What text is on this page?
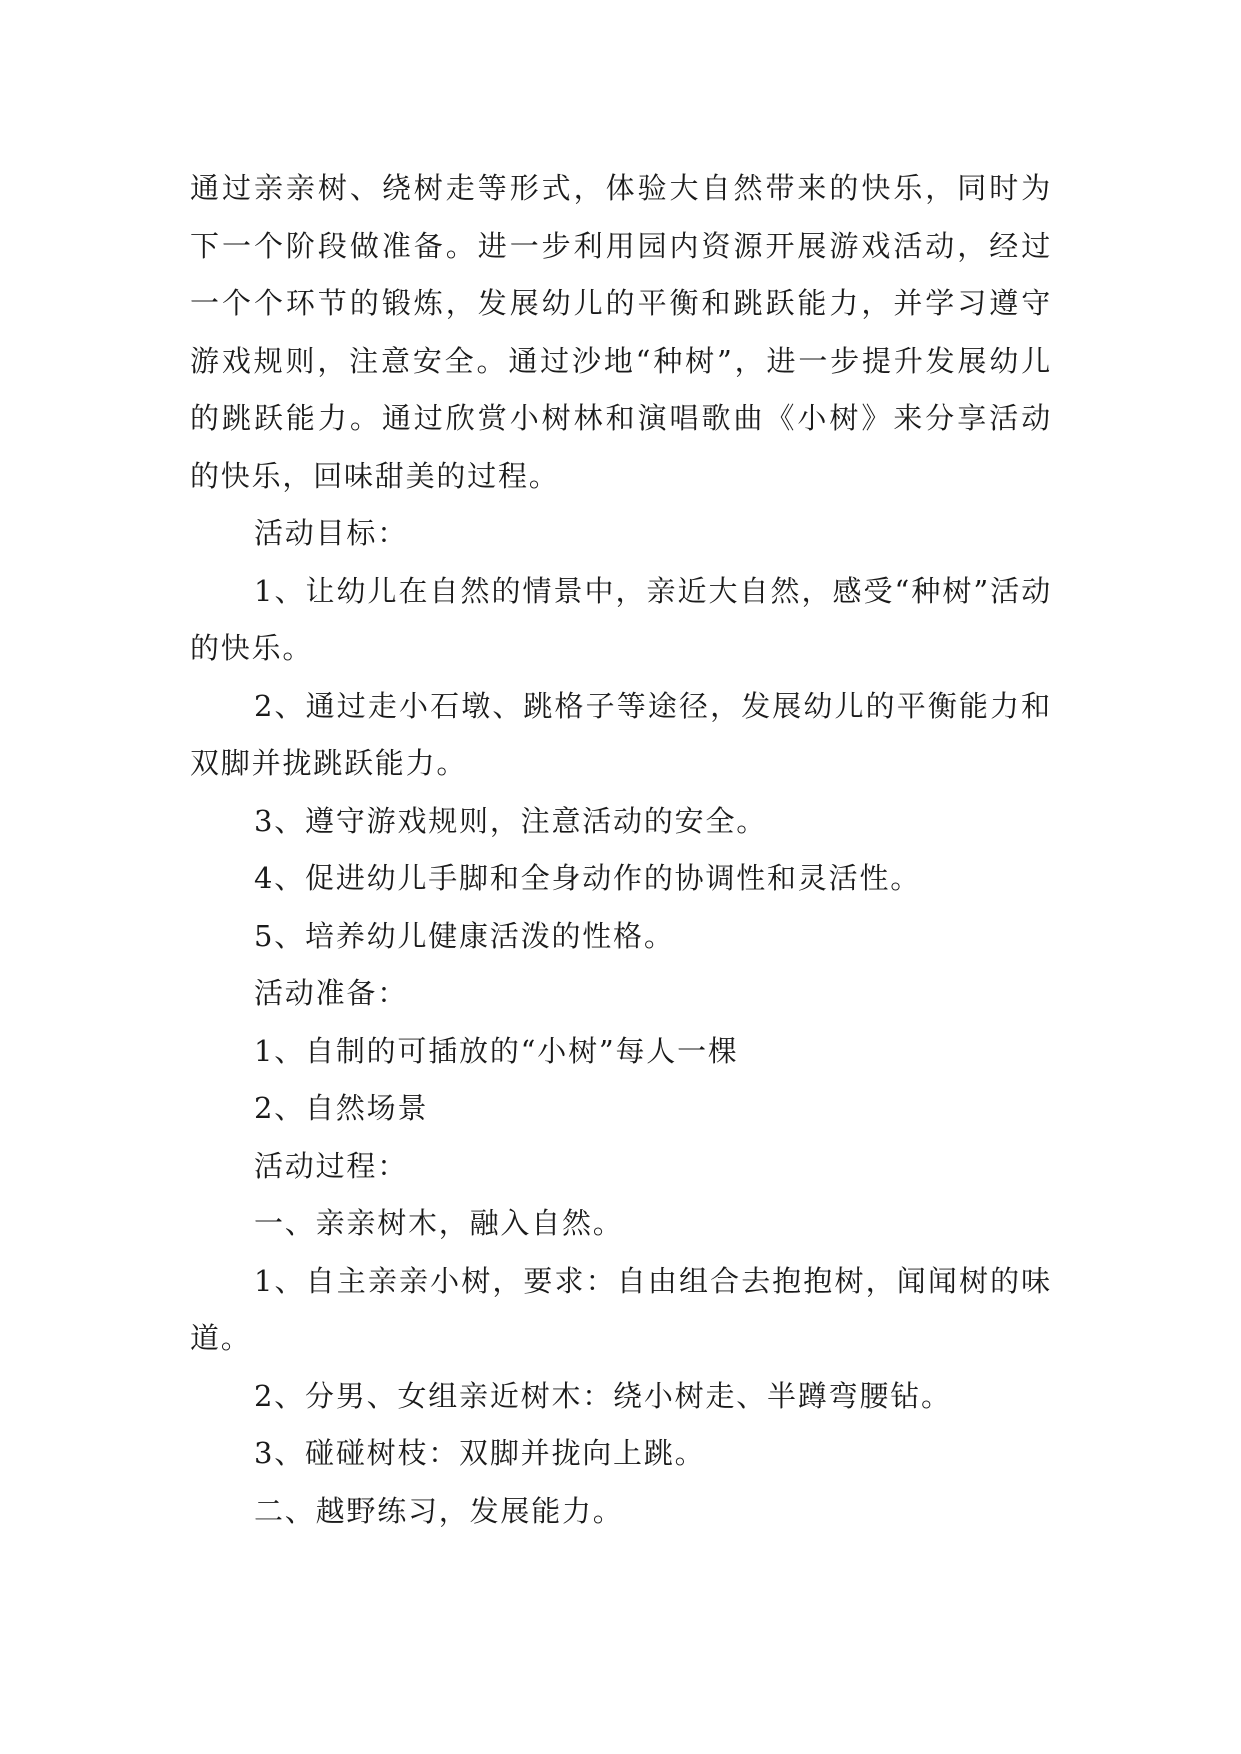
通过亲亲树、绕树走等形式，体验大自然带来的快乐，同时为下一个阶段做准备。进一步利用园内资源开展游戏活动，经过一个个环节的锻炼，发展幼儿的平衡和跳跃能力，并学习遵守游戏规则，注意安全。通过沙地“种树”，进一步提升发展幼儿的跳跃能力。通过欣赏小树林和演唱歌曲《小树》来分享活动的快乐，回味甜美的过程。

活动目标：

1、让幼儿在自然的情景中，亲近大自然，感受“种树”活动的快乐。

2、通过走小石墩、跳格子等途径，发展幼儿的平衡能力和双脚并拢跳跃能力。

3、遵守游戏规则，注意活动的安全。

4、促进幼儿手脚和全身动作的协调性和灵活性。

5、培养幼儿健康活泼的性格。

活动准备：

1、自制的可插放的“小树”每人一棵

2、自然场景

活动过程：

一、亲亲树木，融入自然。

1、自主亲亲小树，要求：自由组合去抱抱树，闻闻树的味道。

2、分男、女组亲近树木：绕小树走、半蹲弯腰钻。

3、碰碰树枝：双脚并拢向上跳。

二、越野练习，发展能力。
